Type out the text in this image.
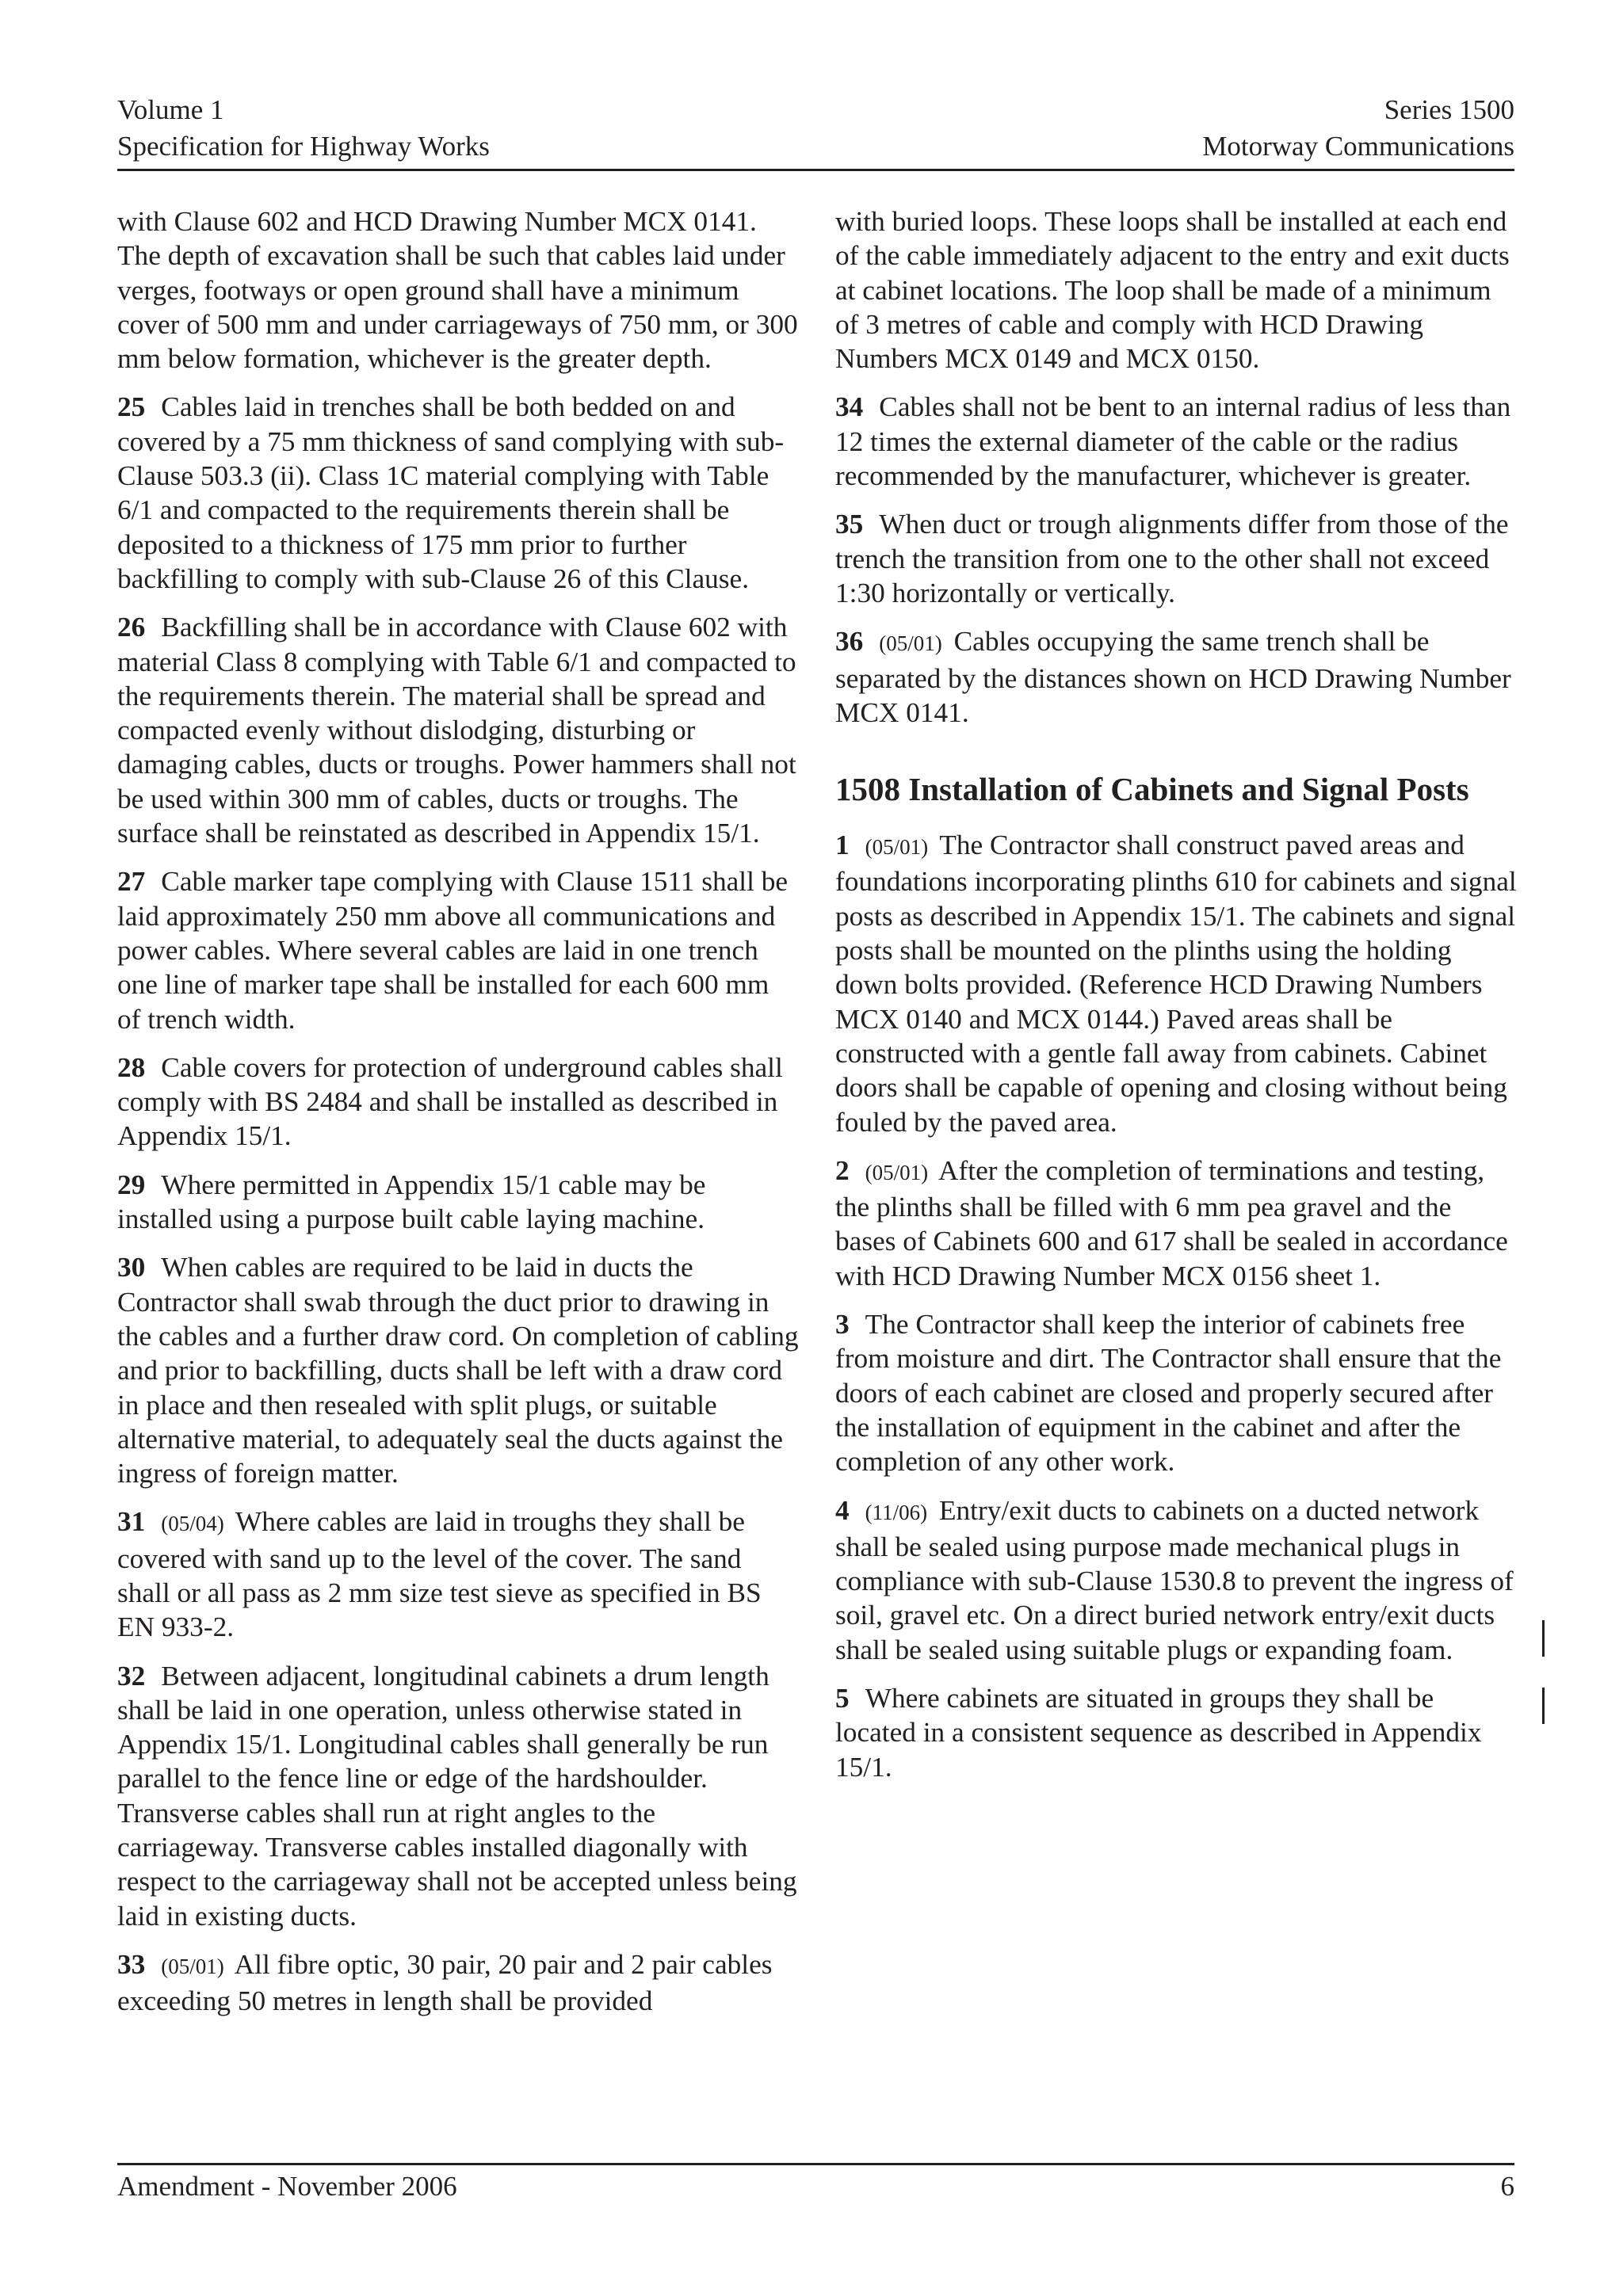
Volume 1
Specification for Highway Works
Series 1500
Motorway Communications

with Clause 602 and HCD Drawing Number MCX 0141. The depth of excavation shall be such that cables laid under verges, footways or open ground shall have a minimum cover of 500 mm and under carriageways of 750 mm, or 300 mm below formation, whichever is the greater depth.

25 Cables laid in trenches shall be both bedded on and covered by a 75 mm thickness of sand complying with sub-Clause 503.3 (ii). Class 1C material complying with Table 6/1 and compacted to the requirements therein shall be deposited to a thickness of 175 mm prior to further backfilling to comply with sub-Clause 26 of this Clause.

26 Backfilling shall be in accordance with Clause 602 with material Class 8 complying with Table 6/1 and compacted to the requirements therein. The material shall be spread and compacted evenly without dislodging, disturbing or damaging cables, ducts or troughs. Power hammers shall not be used within 300 mm of cables, ducts or troughs. The surface shall be reinstated as described in Appendix 15/1.

27 Cable marker tape complying with Clause 1511 shall be laid approximately 250 mm above all communications and power cables. Where several cables are laid in one trench one line of marker tape shall be installed for each 600 mm of trench width.

28 Cable covers for protection of underground cables shall comply with BS 2484 and shall be installed as described in Appendix 15/1.

29 Where permitted in Appendix 15/1 cable may be installed using a purpose built cable laying machine.

30 When cables are required to be laid in ducts the Contractor shall swab through the duct prior to drawing in the cables and a further draw cord. On completion of cabling and prior to backfilling, ducts shall be left with a draw cord in place and then resealed with split plugs, or suitable alternative material, to adequately seal the ducts against the ingress of foreign matter.

31 (05/04) Where cables are laid in troughs they shall be covered with sand up to the level of the cover. The sand shall or all pass as 2 mm size test sieve as specified in BS EN 933-2.

32 Between adjacent, longitudinal cabinets a drum length shall be laid in one operation, unless otherwise stated in Appendix 15/1. Longitudinal cables shall generally be run parallel to the fence line or edge of the hardshoulder. Transverse cables shall run at right angles to the carriageway. Transverse cables installed diagonally with respect to the carriageway shall not be accepted unless being laid in existing ducts.

33 (05/01) All fibre optic, 30 pair, 20 pair and 2 pair cables exceeding 50 metres in length shall be provided

with buried loops. These loops shall be installed at each end of the cable immediately adjacent to the entry and exit ducts at cabinet locations. The loop shall be made of a minimum of 3 metres of cable and comply with HCD Drawing Numbers MCX 0149 and MCX 0150.

34 Cables shall not be bent to an internal radius of less than 12 times the external diameter of the cable or the radius recommended by the manufacturer, whichever is greater.

35 When duct or trough alignments differ from those of the trench the transition from one to the other shall not exceed 1:30 horizontally or vertically.

36 (05/01) Cables occupying the same trench shall be separated by the distances shown on HCD Drawing Number MCX 0141.

1508 Installation of Cabinets and Signal Posts

1 (05/01) The Contractor shall construct paved areas and foundations incorporating plinths 610 for cabinets and signal posts as described in Appendix 15/1. The cabinets and signal posts shall be mounted on the plinths using the holding down bolts provided. (Reference HCD Drawing Numbers MCX 0140 and MCX 0144.) Paved areas shall be constructed with a gentle fall away from cabinets. Cabinet doors shall be capable of opening and closing without being fouled by the paved area.

2 (05/01) After the completion of terminations and testing, the plinths shall be filled with 6 mm pea gravel and the bases of Cabinets 600 and 617 shall be sealed in accordance with HCD Drawing Number MCX 0156 sheet 1.

3 The Contractor shall keep the interior of cabinets free from moisture and dirt. The Contractor shall ensure that the doors of each cabinet are closed and properly secured after the installation of equipment in the cabinet and after the completion of any other work.

4 (11/06) Entry/exit ducts to cabinets on a ducted network shall be sealed using purpose made mechanical plugs in compliance with sub-Clause 1530.8 to prevent the ingress of soil, gravel etc. On a direct buried network entry/exit ducts shall be sealed using suitable plugs or expanding foam.

5 Where cabinets are situated in groups they shall be located in a consistent sequence as described in Appendix 15/1.

Amendment - November 2006	6
